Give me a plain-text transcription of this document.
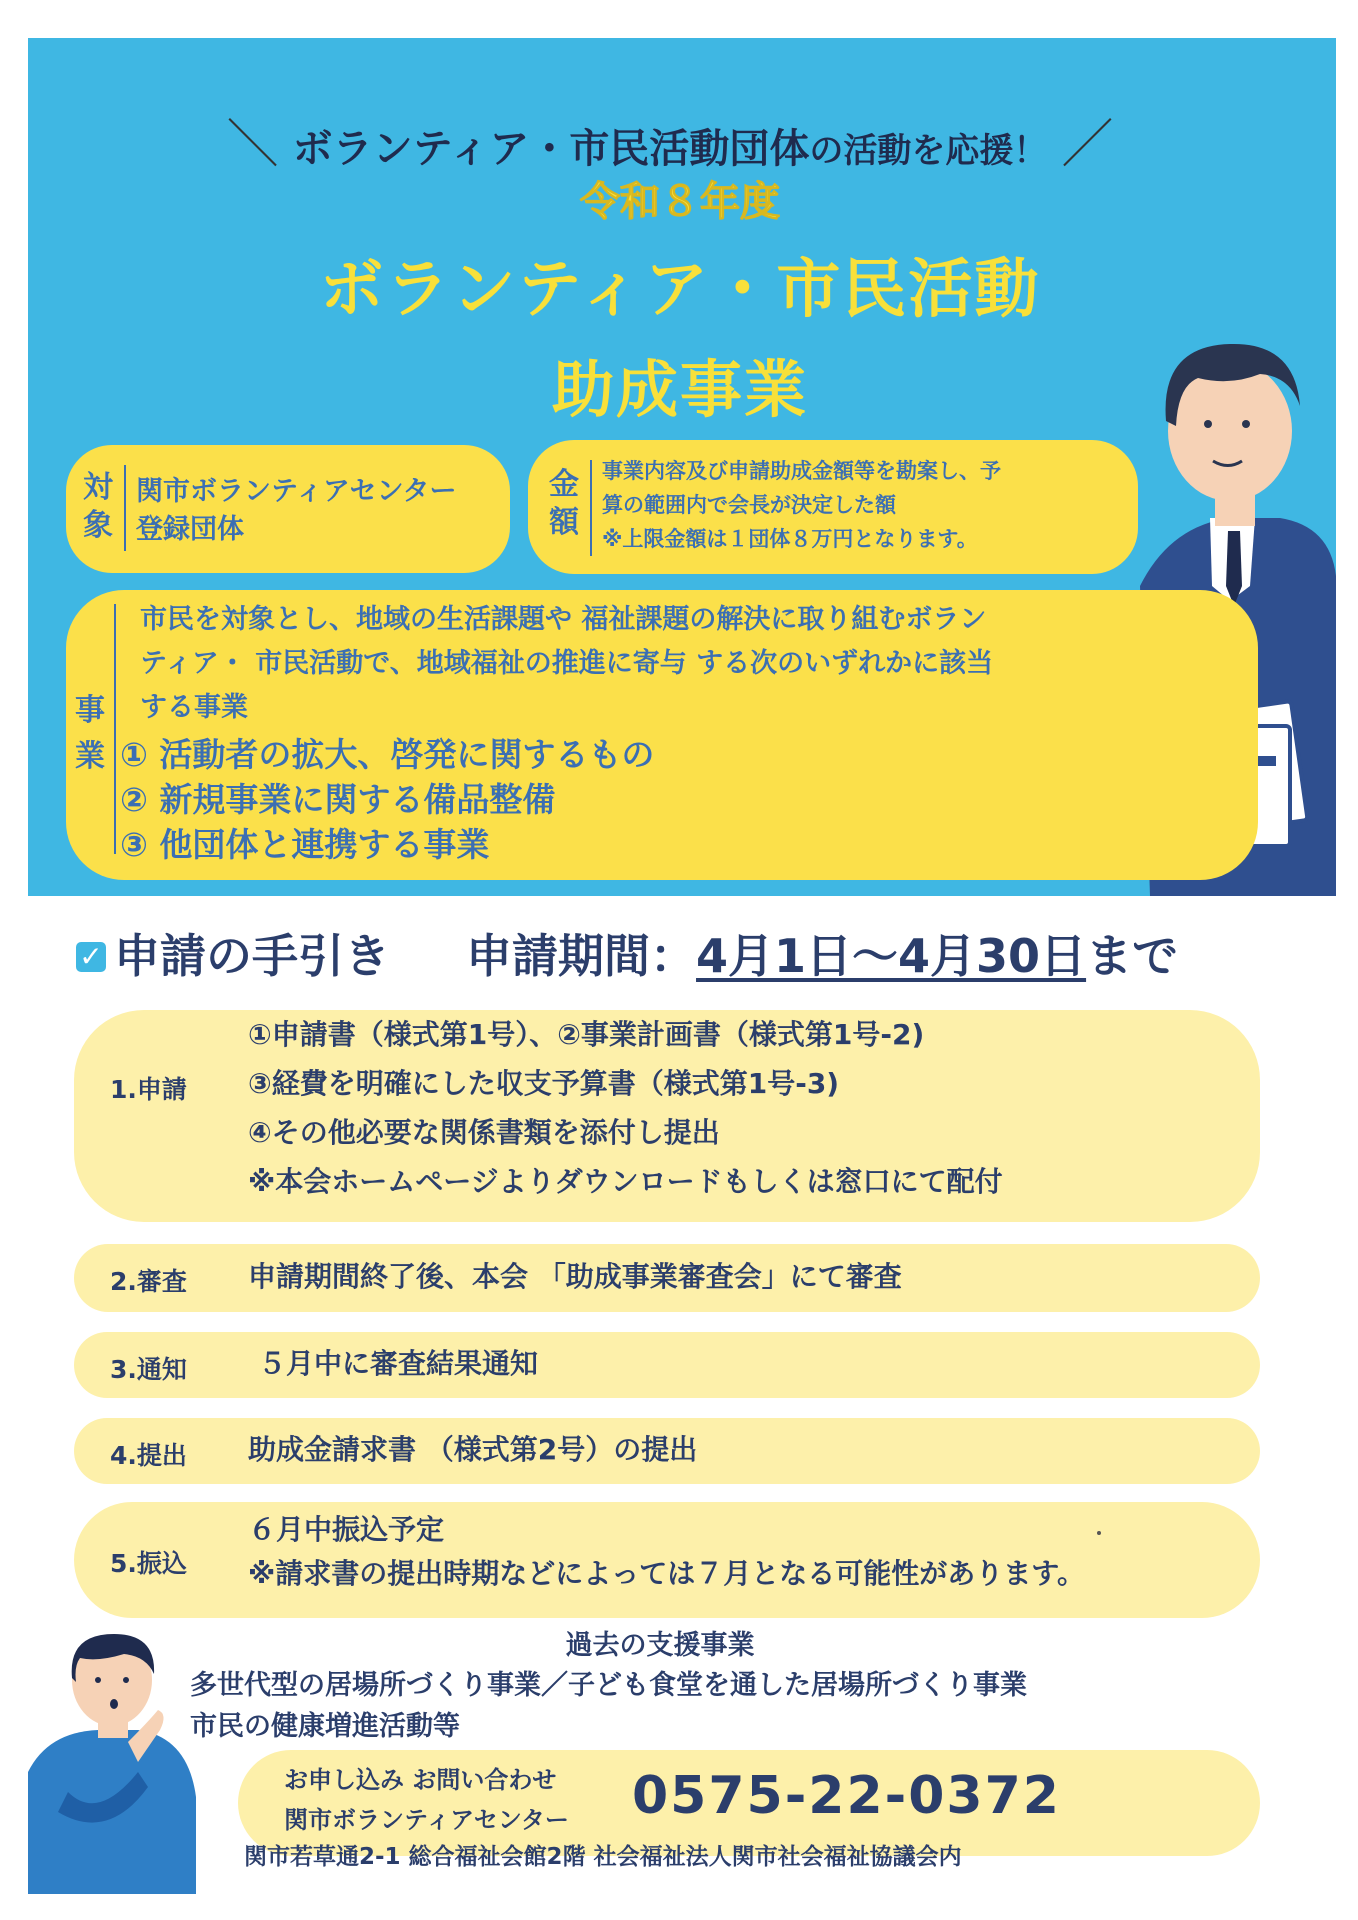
＼ ボランティア・市民活動団体の活動を応援！ ／
令和８年度
ボランティア・市民活動
助成事業
対
象
関市ボランティアセンター
登録団体
金
額
事業内容及び申請助成金額等を勘案し、予
算の範囲内で会長が決定した額
※上限金額は１団体８万円となります。
事
業
市民を対象とし、地域の生活課題や 福祉課題の解決に取り組むボラン
ティア・ 市民活動で、地域福祉の推進に寄与 する次のいずれかに該当
する事業
① 活動者の拡大、啓発に関するもの
② 新規事業に関する備品整備
③ 他団体と連携する事業
✓ 申請の手引き 申請期間：4月1日～4月30日まで
1.申請
①申請書（様式第1号）、②事業計画書（様式第1号-2)
③経費を明確にした収支予算書（様式第1号-3)
④その他必要な関係書類を添付し提出
※本会ホームページよりダウンロードもしくは窓口にて配付
2.審査 申請期間終了後、本会 「助成事業審査会」にて審査
3.通知	５月中に審査結果通知
4.提出 助成金請求書 （様式第2号）の提出
5.振込
６月中振込予定
※請求書の提出時期などによっては７月となる可能性があります。
過去の支援事業
多世代型の居場所づくり事業／子ども食堂を通した居場所づくり事業
市民の健康増進活動等
お申し込み お問い合わせ
関市ボランティアセンター 0575-22-0372
関市若草通2-1 総合福祉会館2階 社会福祉法人関市社会福祉協議会内
